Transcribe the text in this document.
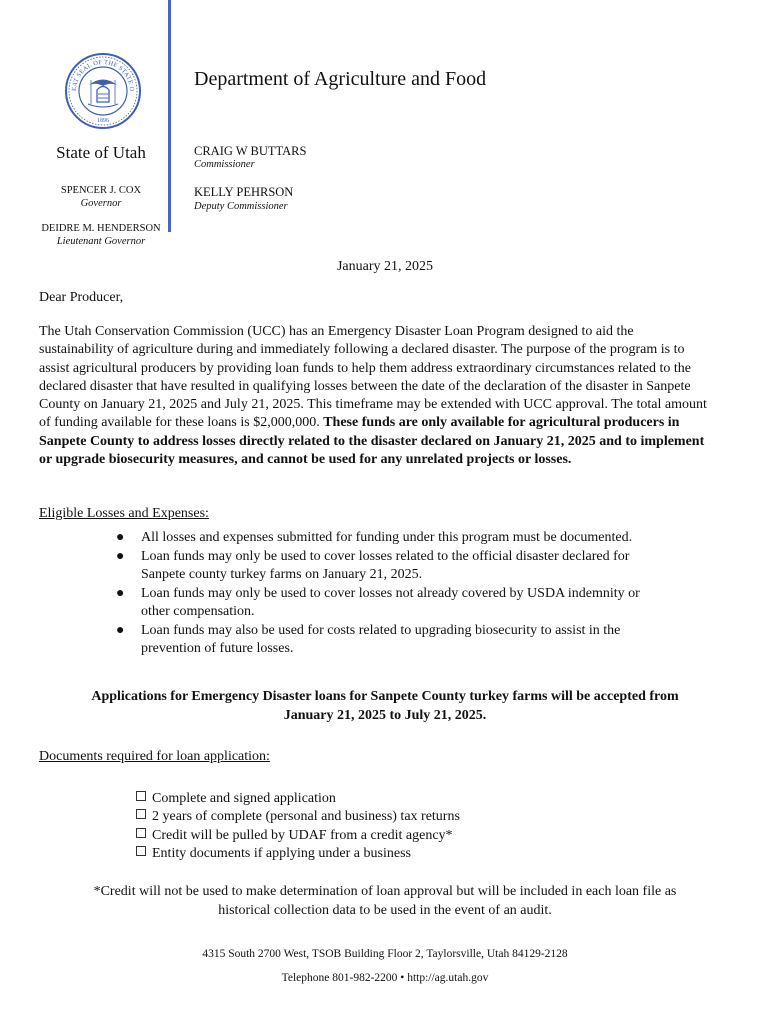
EAT SEAL OF THE STATE O
1896
Department of Agriculture and Food
State of Utah
SPENCER J. COX
Governor
DEIDRE M. HENDERSON
Lieutenant Governor
CRAIG W BUTTARS
Commissioner
KELLY PEHRSON
Deputy Commissioner
January 21, 2025
Dear Producer,

The Utah Conservation Commission (UCC) has an Emergency Disaster Loan Program designed to aid the sustainability of agriculture during and immediately following a declared disaster. The purpose of the program is to assist agricultural producers by providing loan funds to help them address extraordinary circumstances related to the declared disaster that have resulted in qualifying losses between the date of the declaration of the disaster in Sanpete County on January 21, 2025 and July 21, 2025. This timeframe may be extended with UCC approval. The total amount of funding available for these loans is $2,000,000. These funds are only available for agricultural producers in Sanpete County to address losses directly related to the disaster declared on January 21, 2025 and to implement or upgrade biosecurity measures, and cannot be used for any unrelated projects or losses.

Eligible Losses and Expenses:
● All losses and expenses submitted for funding under this program must be documented.
● Loan funds may only be used to cover losses related to the official disaster declared for Sanpete county turkey farms on January 21, 2025.
● Loan funds may only be used to cover losses not already covered by USDA indemnity or other compensation.
● Loan funds may also be used for costs related to upgrading biosecurity to assist in the prevention of future losses.
Applications for Emergency Disaster loans for Sanpete County turkey farms will be accepted from
January 21, 2025 to July 21, 2025.
Documents required for loan application:
Complete and signed application
2 years of complete (personal and business) tax returns
Credit will be pulled by UDAF from a credit agency*
Entity documents if applying under a business
*Credit will not be used to make determination of loan approval but will be included in each loan file as
historical collection data to be used in the event of an audit.
4315 South 2700 West, TSOB Building Floor 2, Taylorsville, Utah 84129-2128
Telephone 801-982-2200 • http://ag.utah.gov
